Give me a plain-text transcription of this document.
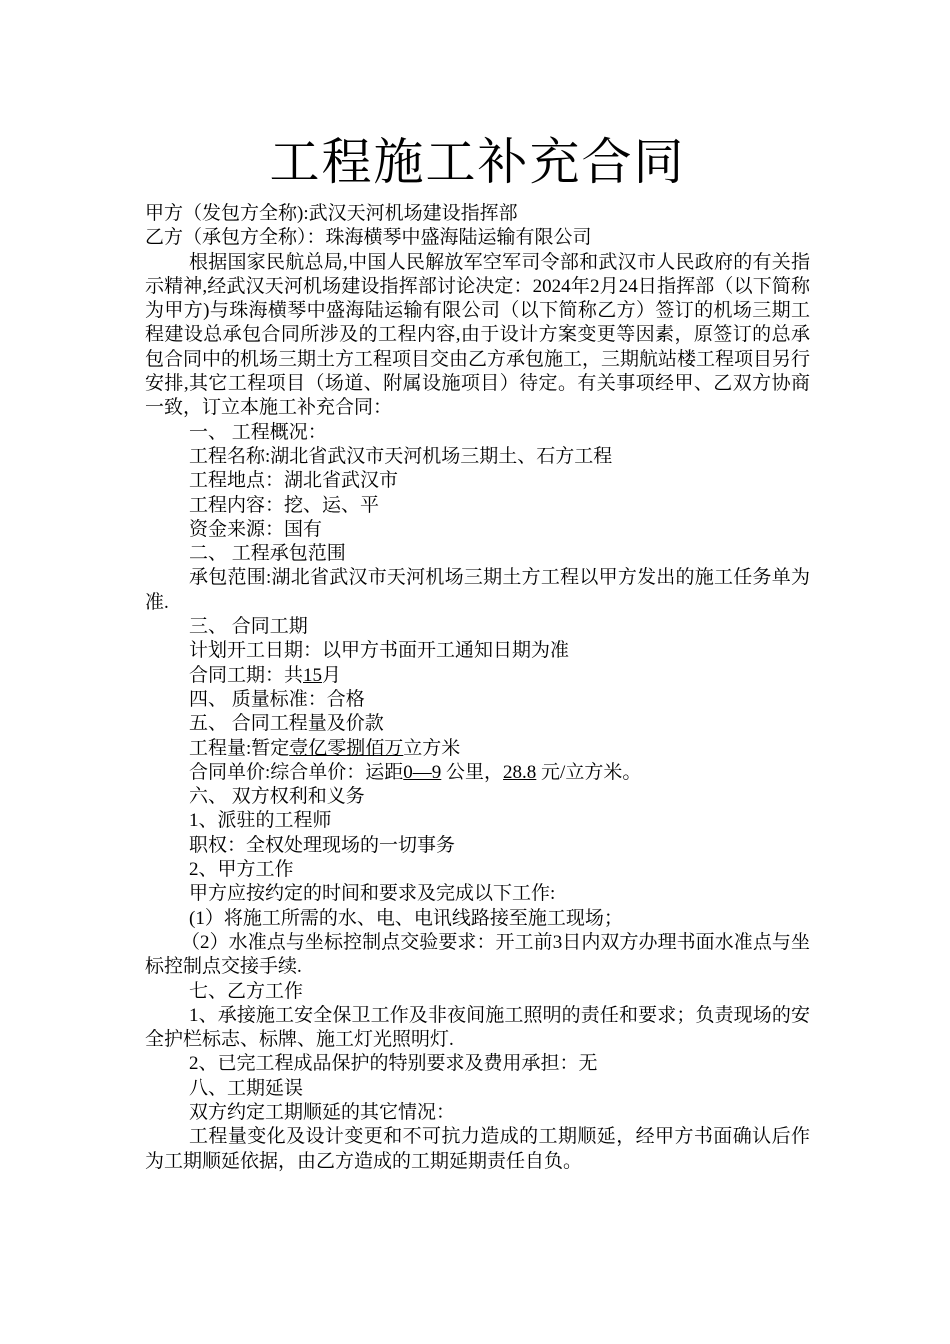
工程施工补充合同
甲方（发包方全称):武汉天河机场建设指挥部
乙方（承包方全称）：珠海横琴中盛海陆运输有限公司
根据国家民航总局,中国人民解放军空军司令部和武汉市人民政府的有关指示精神,经武汉天河机场建设指挥部讨论决定：2024年2月24日指挥部（以下简称为甲方)与珠海横琴中盛海陆运输有限公司（以下简称乙方）签订的机场三期工程建设总承包合同所涉及的工程内容,由于设计方案变更等因素，原签订的总承包合同中的机场三期土方工程项目交由乙方承包施工，三期航站楼工程项目另行安排,其它工程项目（场道、附属设施项目）待定。有关事项经甲、乙双方协商一致，订立本施工补充合同：
一、 工程概况：
工程名称:湖北省武汉市天河机场三期土、石方工程
工程地点：湖北省武汉市
工程内容：挖、运、平
资金来源：国有
二、 工程承包范围
承包范围:湖北省武汉市天河机场三期土方工程以甲方发出的施工任务单为准.
三、 合同工期
计划开工日期：以甲方书面开工通知日期为准
合同工期：共15月
四、 质量标准：合格
五、 合同工程量及价款
工程量:暂定壹亿零捌佰万立方米
合同单价:综合单价：运距0—9 公里，28.8 元/立方米。
六、 双方权利和义务
1、派驻的工程师
职权：全权处理现场的一切事务
2、甲方工作
甲方应按约定的时间和要求及完成以下工作:
(1）将施工所需的水、电、电讯线路接至施工现场；
（2）水准点与坐标控制点交验要求：开工前3日内双方办理书面水准点与坐标控制点交接手续.
七、乙方工作
1、承接施工安全保卫工作及非夜间施工照明的责任和要求；负责现场的安全护栏标志、标牌、施工灯光照明灯.
2、已完工程成品保护的特别要求及费用承担：无
八、工期延误
双方约定工期顺延的其它情况：
工程量变化及设计变更和不可抗力造成的工期顺延，经甲方书面确认后作为工期顺延依据，由乙方造成的工期延期责任自负。
